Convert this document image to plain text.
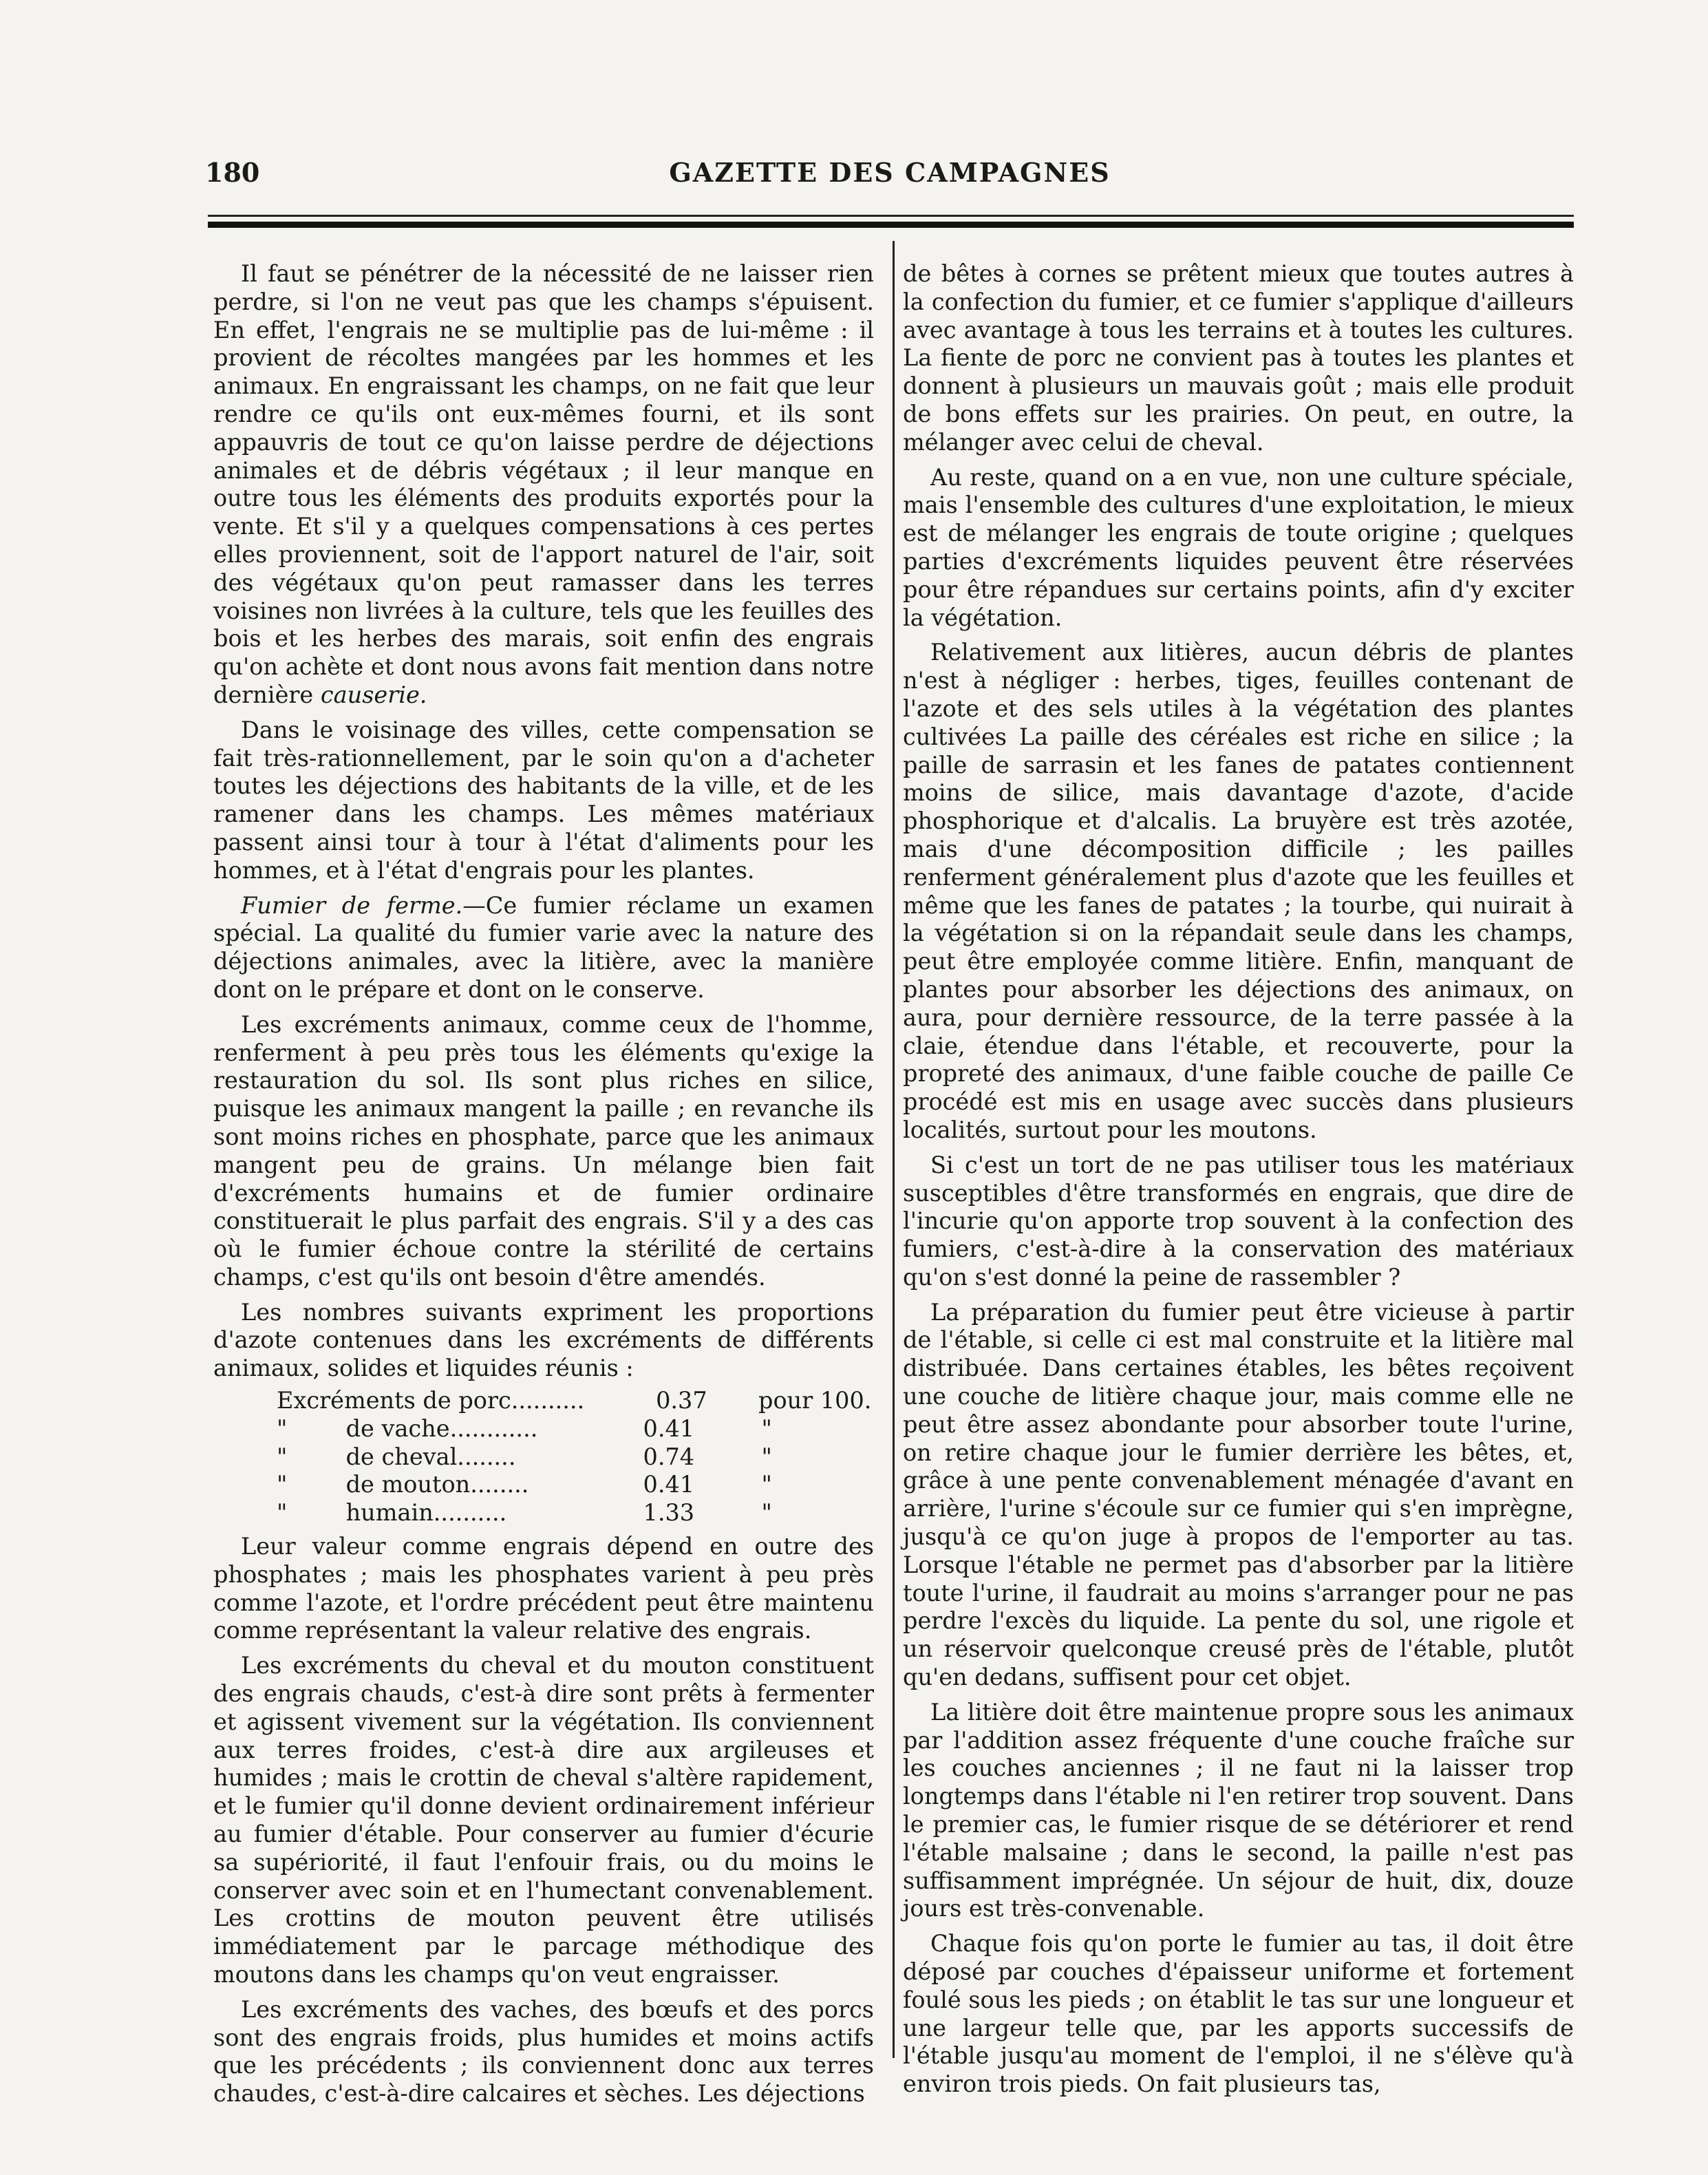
180	GAZETTE DES CAMPAGNES

Il faut se pénétrer de la nécessité de ne laisser rien perdre, si l'on ne veut pas que les champs s'épuisent. En effet, l'engrais ne se multiplie pas de lui-même : il provient de récoltes mangées par les hommes et les animaux. En engraissant les champs, on ne fait que leur rendre ce qu'ils ont eux-mêmes fourni, et ils sont appauvris de tout ce qu'on laisse perdre de déjections animales et de débris végétaux ; il leur manque en outre tous les éléments des produits exportés pour la vente. Et s'il y a quelques compensations à ces pertes elles proviennent, soit de l'apport naturel de l'air, soit des végétaux qu'on peut ramasser dans les terres voisines non livrées à la culture, tels que les feuilles des bois et les herbes des marais, soit enfin des engrais qu'on achète et dont nous avons fait mention dans notre dernière causerie.

Dans le voisinage des villes, cette compensation se fait très-rationnellement, par le soin qu'on a d'acheter toutes les déjections des habitants de la ville, et de les ramener dans les champs. Les mêmes matériaux passent ainsi tour à tour à l'état d'aliments pour les hommes, et à l'état d'engrais pour les plantes.

Fumier de ferme.—Ce fumier réclame un examen spécial. La qualité du fumier varie avec la nature des déjections animales, avec la litière, avec la manière dont on le prépare et dont on le conserve.

Les excréments animaux, comme ceux de l'homme, renferment à peu près tous les éléments qu'exige la restauration du sol. Ils sont plus riches en silice, puisque les animaux mangent la paille ; en revanche ils sont moins riches en phosphate, parce que les animaux mangent peu de grains. Un mélange bien fait d'excréments humains et de fumier ordinaire constituerait le plus parfait des engrais. S'il y a des cas où le fumier échoue contre la stérilité de certains champs, c'est qu'ils ont besoin d'être amendés.

Les nombres suivants expriment les proportions d'azote contenues dans les excréments de différents animaux, solides et liquides réunis :

Excréments de porc..........	0.37	pour 100.
"        de vache............	0.41	"
"        de cheval........	0.74	"
"        de mouton........	0.41	"
"        humain..........	1.33	"

Leur valeur comme engrais dépend en outre des phosphates ; mais les phosphates varient à peu près comme l'azote, et l'ordre précédent peut être maintenu comme représentant la valeur relative des engrais.

Les excréments du cheval et du mouton constituent des engrais chauds, c'est-à dire sont prêts à fermenter et agissent vivement sur la végétation. Ils conviennent aux terres froides, c'est-à dire aux argileuses et humides ; mais le crottin de cheval s'altère rapidement, et le fumier qu'il donne devient ordinairement inférieur au fumier d'étable. Pour conserver au fumier d'écurie sa supériorité, il faut l'enfouir frais, ou du moins le conserver avec soin et en l'humectant convenablement. Les crottins de mouton peuvent être utilisés immédiatement par le parcage méthodique des moutons dans les champs qu'on veut engraisser.

Les excréments des vaches, des bœufs et des porcs sont des engrais froids, plus humides et moins actifs que les précédents ; ils conviennent donc aux terres chaudes, c'est-à-dire calcaires et sèches. Les déjections

de bêtes à cornes se prêtent mieux que toutes autres à la confection du fumier, et ce fumier s'applique d'ailleurs avec avantage à tous les terrains et à toutes les cultures. La fiente de porc ne convient pas à toutes les plantes et donnent à plusieurs un mauvais goût ; mais elle produit de bons effets sur les prairies. On peut, en outre, la mélanger avec celui de cheval.

Au reste, quand on a en vue, non une culture spéciale, mais l'ensemble des cultures d'une exploitation, le mieux est de mélanger les engrais de toute origine ; quelques parties d'excréments liquides peuvent être réservées pour être répandues sur certains points, afin d'y exciter la végétation.

Relativement aux litières, aucun débris de plantes n'est à négliger : herbes, tiges, feuilles contenant de l'azote et des sels utiles à la végétation des plantes cultivées La paille des céréales est riche en silice ; la paille de sarrasin et les fanes de patates contiennent moins de silice, mais davantage d'azote, d'acide phosphorique et d'alcalis. La bruyère est très azotée, mais d'une décomposition difficile ; les pailles renferment généralement plus d'azote que les feuilles et même que les fanes de patates ; la tourbe, qui nuirait à la végétation si on la répandait seule dans les champs, peut être employée comme litière. Enfin, manquant de plantes pour absorber les déjections des animaux, on aura, pour dernière ressource, de la terre passée à la claie, étendue dans l'étable, et recouverte, pour la propreté des animaux, d'une faible couche de paille Ce procédé est mis en usage avec succès dans plusieurs localités, surtout pour les moutons.

Si c'est un tort de ne pas utiliser tous les matériaux susceptibles d'être transformés en engrais, que dire de l'incurie qu'on apporte trop souvent à la confection des fumiers, c'est-à-dire à la conservation des matériaux qu'on s'est donné la peine de rassembler ?

La préparation du fumier peut être vicieuse à partir de l'étable, si celle ci est mal construite et la litière mal distribuée. Dans certaines étables, les bêtes reçoivent une couche de litière chaque jour, mais comme elle ne peut être assez abondante pour absorber toute l'urine, on retire chaque jour le fumier derrière les bêtes, et, grâce à une pente convenablement ménagée d'avant en arrière, l'urine s'écoule sur ce fumier qui s'en imprègne, jusqu'à ce qu'on juge à propos de l'emporter au tas. Lorsque l'étable ne permet pas d'absorber par la litière toute l'urine, il faudrait au moins s'arranger pour ne pas perdre l'excès du liquide. La pente du sol, une rigole et un réservoir quelconque creusé près de l'étable, plutôt qu'en dedans, suffisent pour cet objet.

La litière doit être maintenue propre sous les animaux par l'addition assez fréquente d'une couche fraîche sur les couches anciennes ; il ne faut ni la laisser trop longtemps dans l'étable ni l'en retirer trop souvent. Dans le premier cas, le fumier risque de se détériorer et rend l'étable malsaine ; dans le second, la paille n'est pas suffisamment imprégnée. Un séjour de huit, dix, douze jours est très-convenable.

Chaque fois qu'on porte le fumier au tas, il doit être déposé par couches d'épaisseur uniforme et fortement foulé sous les pieds ; on établit le tas sur une longueur et une largeur telle que, par les apports successifs de l'étable jusqu'au moment de l'emploi, il ne s'élève qu'à environ trois pieds. On fait plusieurs tas,
